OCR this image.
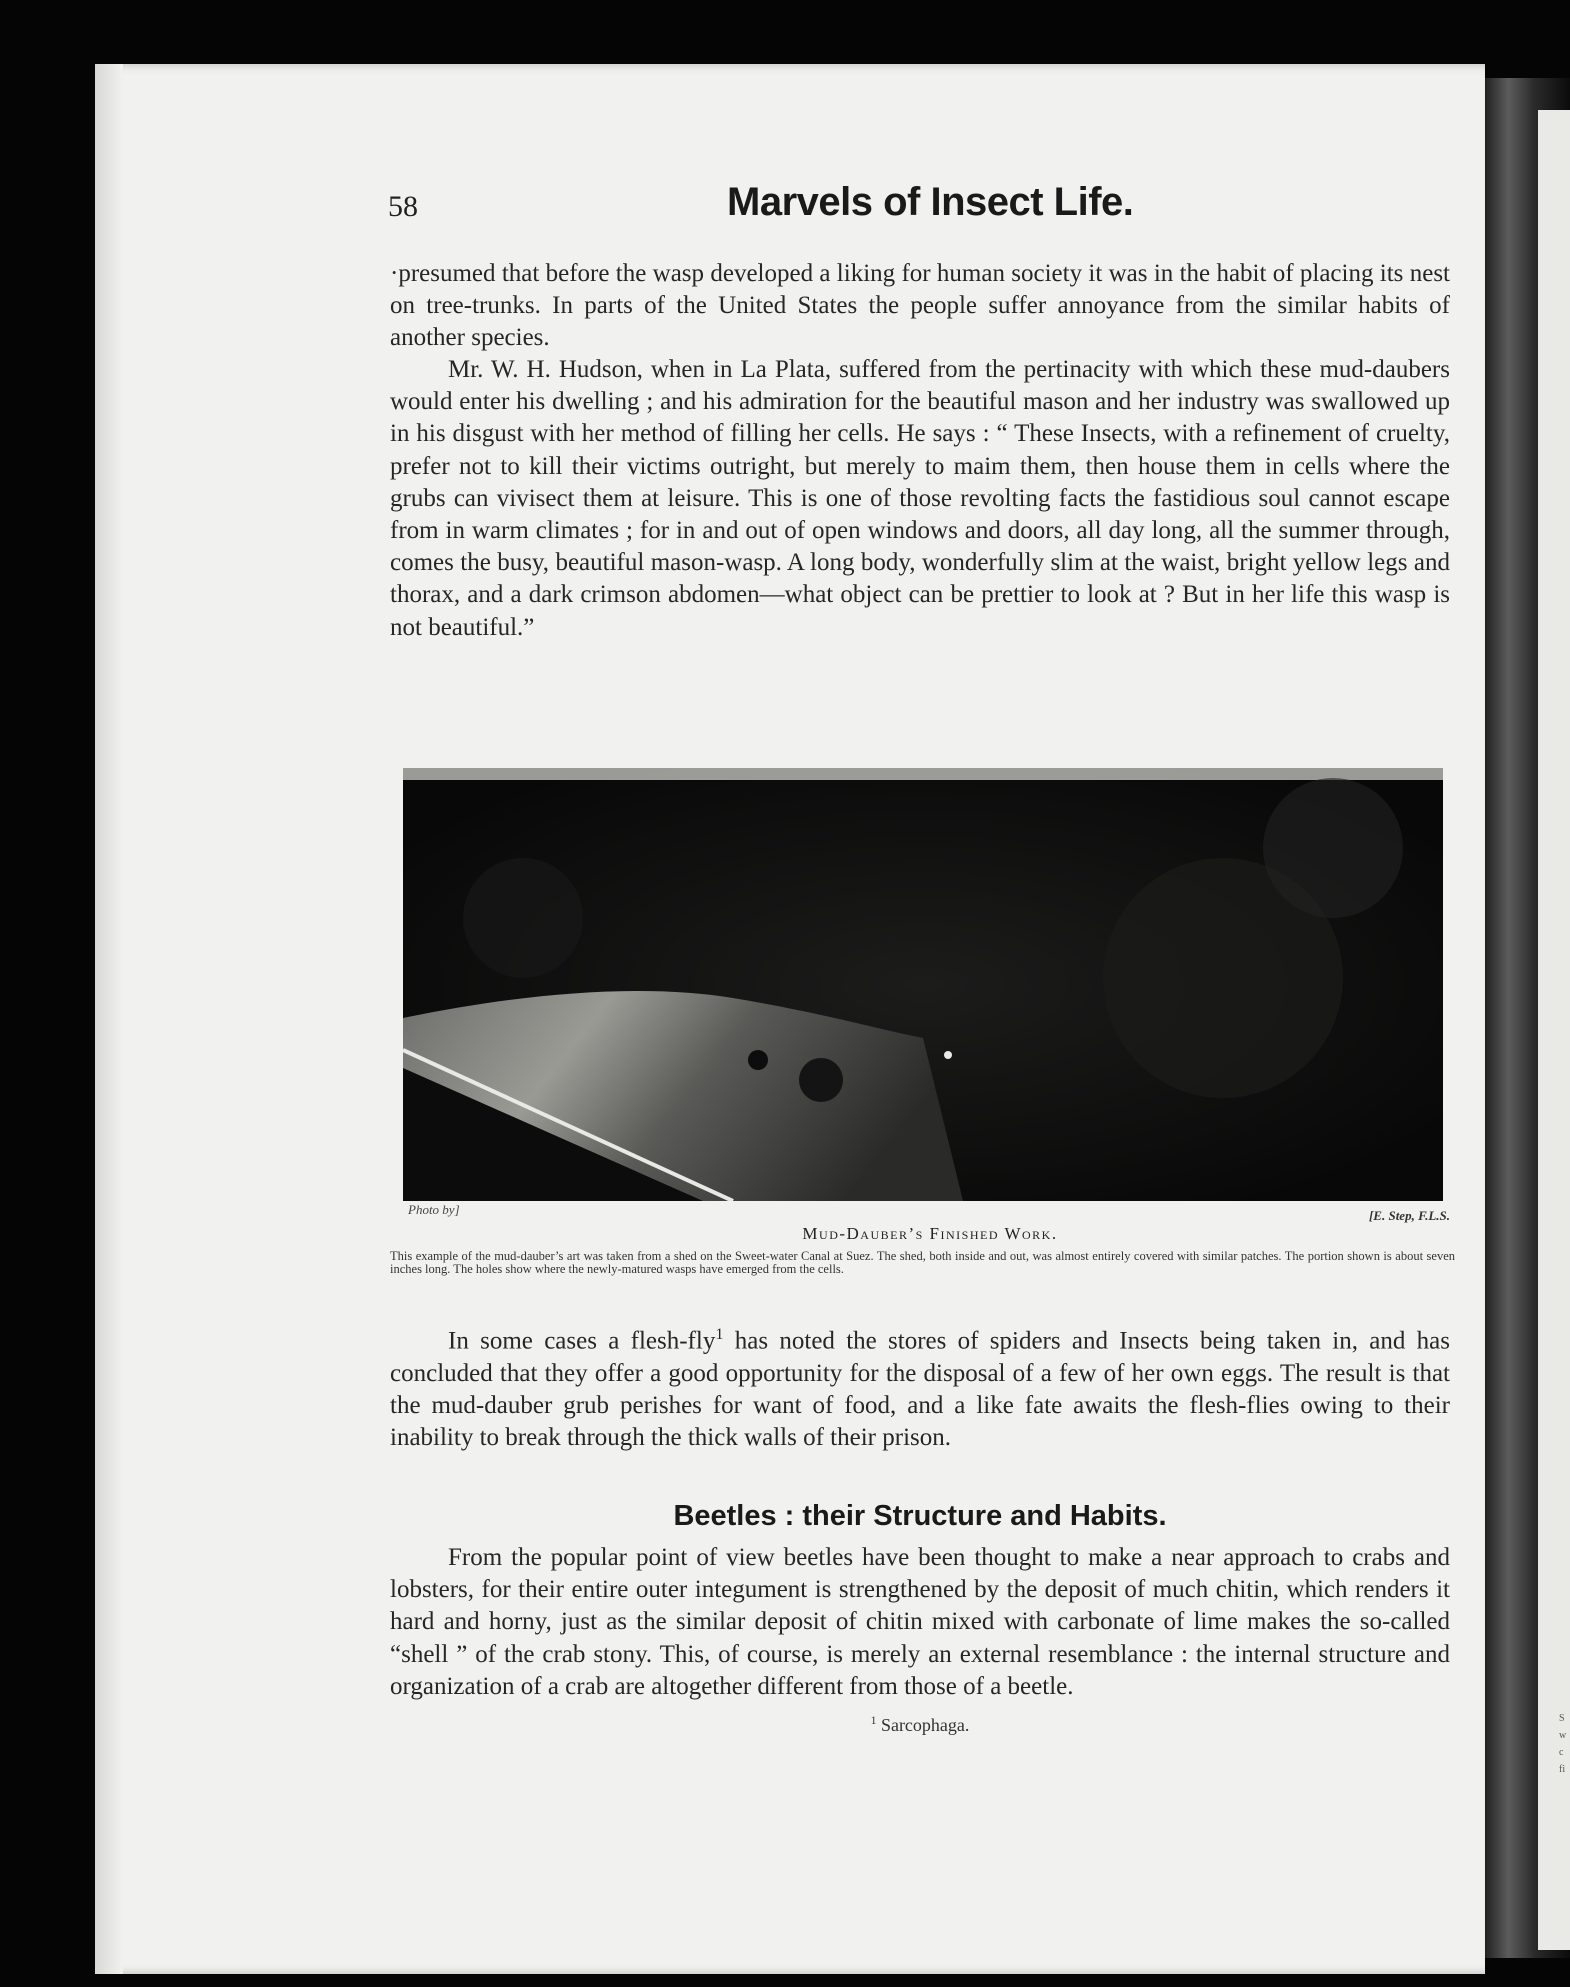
58	Marvels of Insect Life.

·presumed that before the wasp developed a liking for human society it was in the habit of placing its nest on tree-trunks. In parts of the United States the people suffer annoyance from the similar habits of another species.

Mr. W. H. Hudson, when in La Plata, suffered from the pertinacity with which these mud-daubers would enter his dwelling ; and his admiration for the beautiful mason and her industry was swallowed up in his disgust with her method of filling her cells. He says : “ These Insects, with a refinement of cruelty, prefer not to kill their victims outright, but merely to maim them, then house them in cells where the grubs can vivisect them at leisure. This is one of those revolting facts the fastidious soul cannot escape from in warm climates ; for in and out of open windows and doors, all day long, all the summer through, comes the busy, beautiful mason-wasp. A long body, wonderfully slim at the waist, bright yellow legs and thorax, and a dark crimson abdomen—what object can be prettier to look at ? But in her life this wasp is not beautiful.”

Photo by]	[E. Step, F.L.S.
Mud-Dauber’s Finished Work.
This example of the mud-dauber’s art was taken from a shed on the Sweet-water Canal at Suez. The shed, both inside and out, was almost entirely covered with similar patches. The portion shown is about seven inches long. The holes show where the newly-matured wasps have emerged from the cells.

In some cases a flesh-fly$^1$ has noted the stores of spiders and Insects being taken in, and has concluded that they offer a good opportunity for the disposal of a few of her own eggs. The result is that the mud-dauber grub perishes for want of food, and a like fate awaits the flesh-flies owing to their inability to break through the thick walls of their prison.

Beetles : their Structure and Habits.

From the popular point of view beetles have been thought to make a near approach to crabs and lobsters, for their entire outer integument is strengthened by the deposit of much chitin, which renders it hard and horny, just as the similar deposit of chitin mixed with carbonate of lime makes the so-called “shell ” of the crab stony. This, of course, is merely an external resemblance : the internal structure and organization of a crab are altogether different from those of a beetle.

$^1$ Sarcophaga.	S w c fi
